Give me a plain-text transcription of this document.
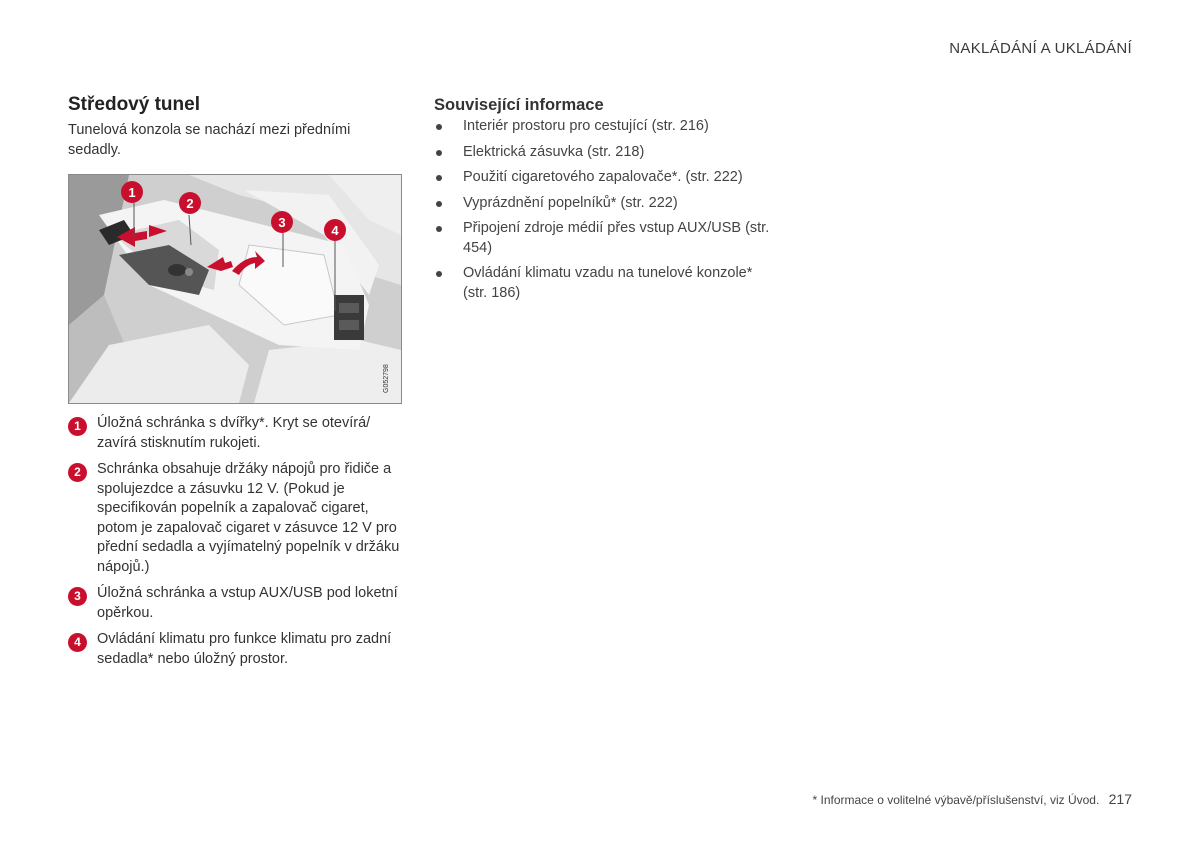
NAKLÁDÁNÍ A UKLÁDÁNÍ
Středový tunel
Tunelová konzola se nachází mezi předními sedadly.
1
2
3
4
G052798
1	Úložná schránka s dvířky*. Kryt se otevírá/ zavírá stisknutím rukojeti.
2	Schránka obsahuje držáky nápojů pro řidiče a spolujezdce a zásuvku 12 V. (Pokud je specifikován popelník a zapalovač cigaret, potom je zapalovač cigaret v zásuvce 12 V pro přední sedadla a vyjímatelný popelník v držáku nápojů.)
3	Úložná schránka a vstup AUX/USB pod loketní opěrkou.
4	Ovládání klimatu pro funkce klimatu pro zadní sedadla* nebo úložný prostor.
Související informace
Interiér prostoru pro cestující (str. 216)
Elektrická zásuvka (str. 218)
Použití cigaretového zapalovače*. (str. 222)
Vyprázdnění popelníků* (str. 222)
Připojení zdroje médií přes vstup AUX/USB (str. 454)
Ovládání klimatu vzadu na tunelové konzole* (str. 186)
* Informace o volitelné výbavě/příslušenství, viz Úvod. 217
